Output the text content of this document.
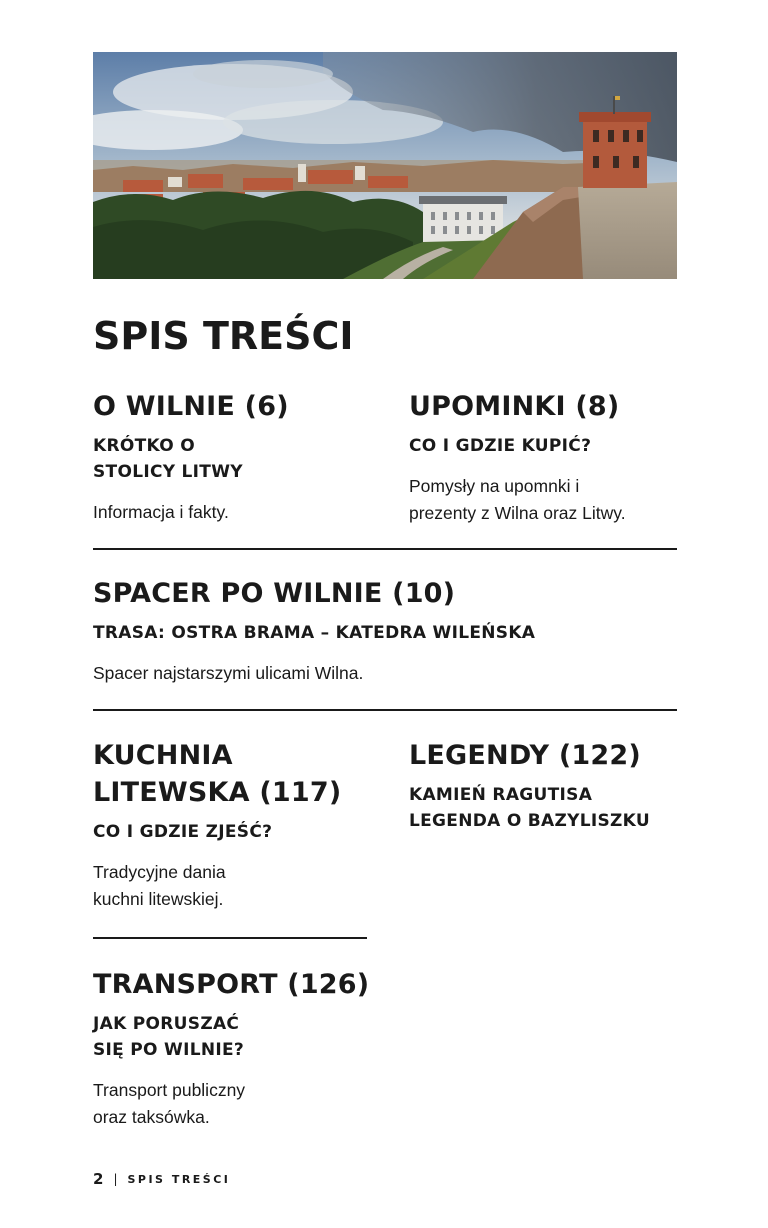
SPIS TREŚCI
O WILNIE (6)
KRÓTKO O
STOLICY LITWY

Informacja i fakty.

UPOMINKI (8)
CO I GDZIE KUPIĆ?

Pomysły na upomnki i
prezenty z Wilna oraz Litwy.

SPACER PO WILNIE (10)
TRASA: OSTRA BRAMA – KATEDRA WILEŃSKA

Spacer najstarszymi ulicami Wilna.

KUCHNIA
LITEWSKA (117)
CO I GDZIE ZJEŚĆ?

Tradycyjne dania
kuchni litewskiej.

LEGENDY (122)
KAMIEŃ RAGUTISA
LEGENDA O BAZYLISZKU
TRANSPORT (126)
JAK PORUSZAĆ
SIĘ PO WILNIE?

Transport publiczny
oraz taksówka.

2 | SPIS TREŚCI
